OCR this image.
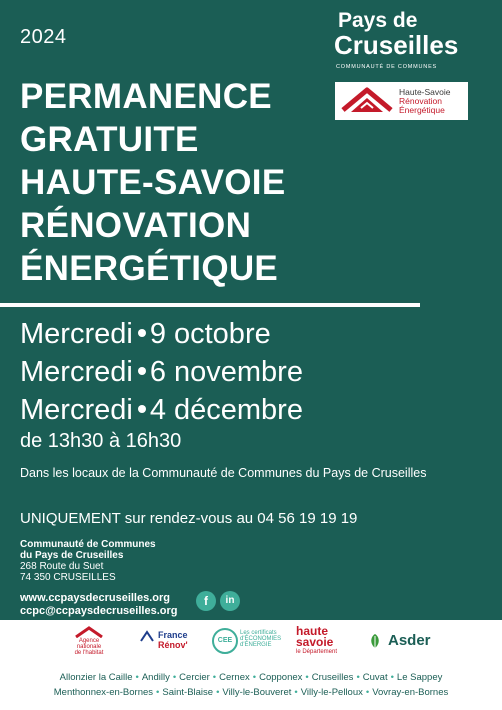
2024
Pays de
Cruseilles
COMMUNAUTÉ DE COMMUNES
Haute-Savoie
Rénovation
Énergétique
PERMANENCE
GRATUITE
HAUTE-SAVOIE
RÉNOVATION
ÉNERGÉTIQUE
Mercredi 9 octobre
Mercredi 6 novembre
Mercredi 4 décembre
de 13h30 à 16h30
Dans les locaux de la Communauté de Communes du Pays de Cruseilles
UNIQUEMENT sur rendez-vous au 04 56 19 19 19
Communauté de Communes
du Pays de Cruseilles
268 Route du Suet
74 350 CRUSEILLES
www.ccpaysdecruseilles.org
ccpc@ccpaysdecruseilles.org
f	in
Agence
nationale
de l'habitat
France
Rénov'	CEE
Les certificats
d'ÉCONOMIES
d'ÉNERGIE
haute
savoie
le Département
Asder
Allonzier la Caille • Andilly • Cercier • Cernex • Copponex • Cruseilles • Cuvat • Le Sappey
Menthonnex-en-Bornes • Saint-Blaise • Villy-le-Bouveret • Villy-le-Pelloux • Vovray-en-Bornes
